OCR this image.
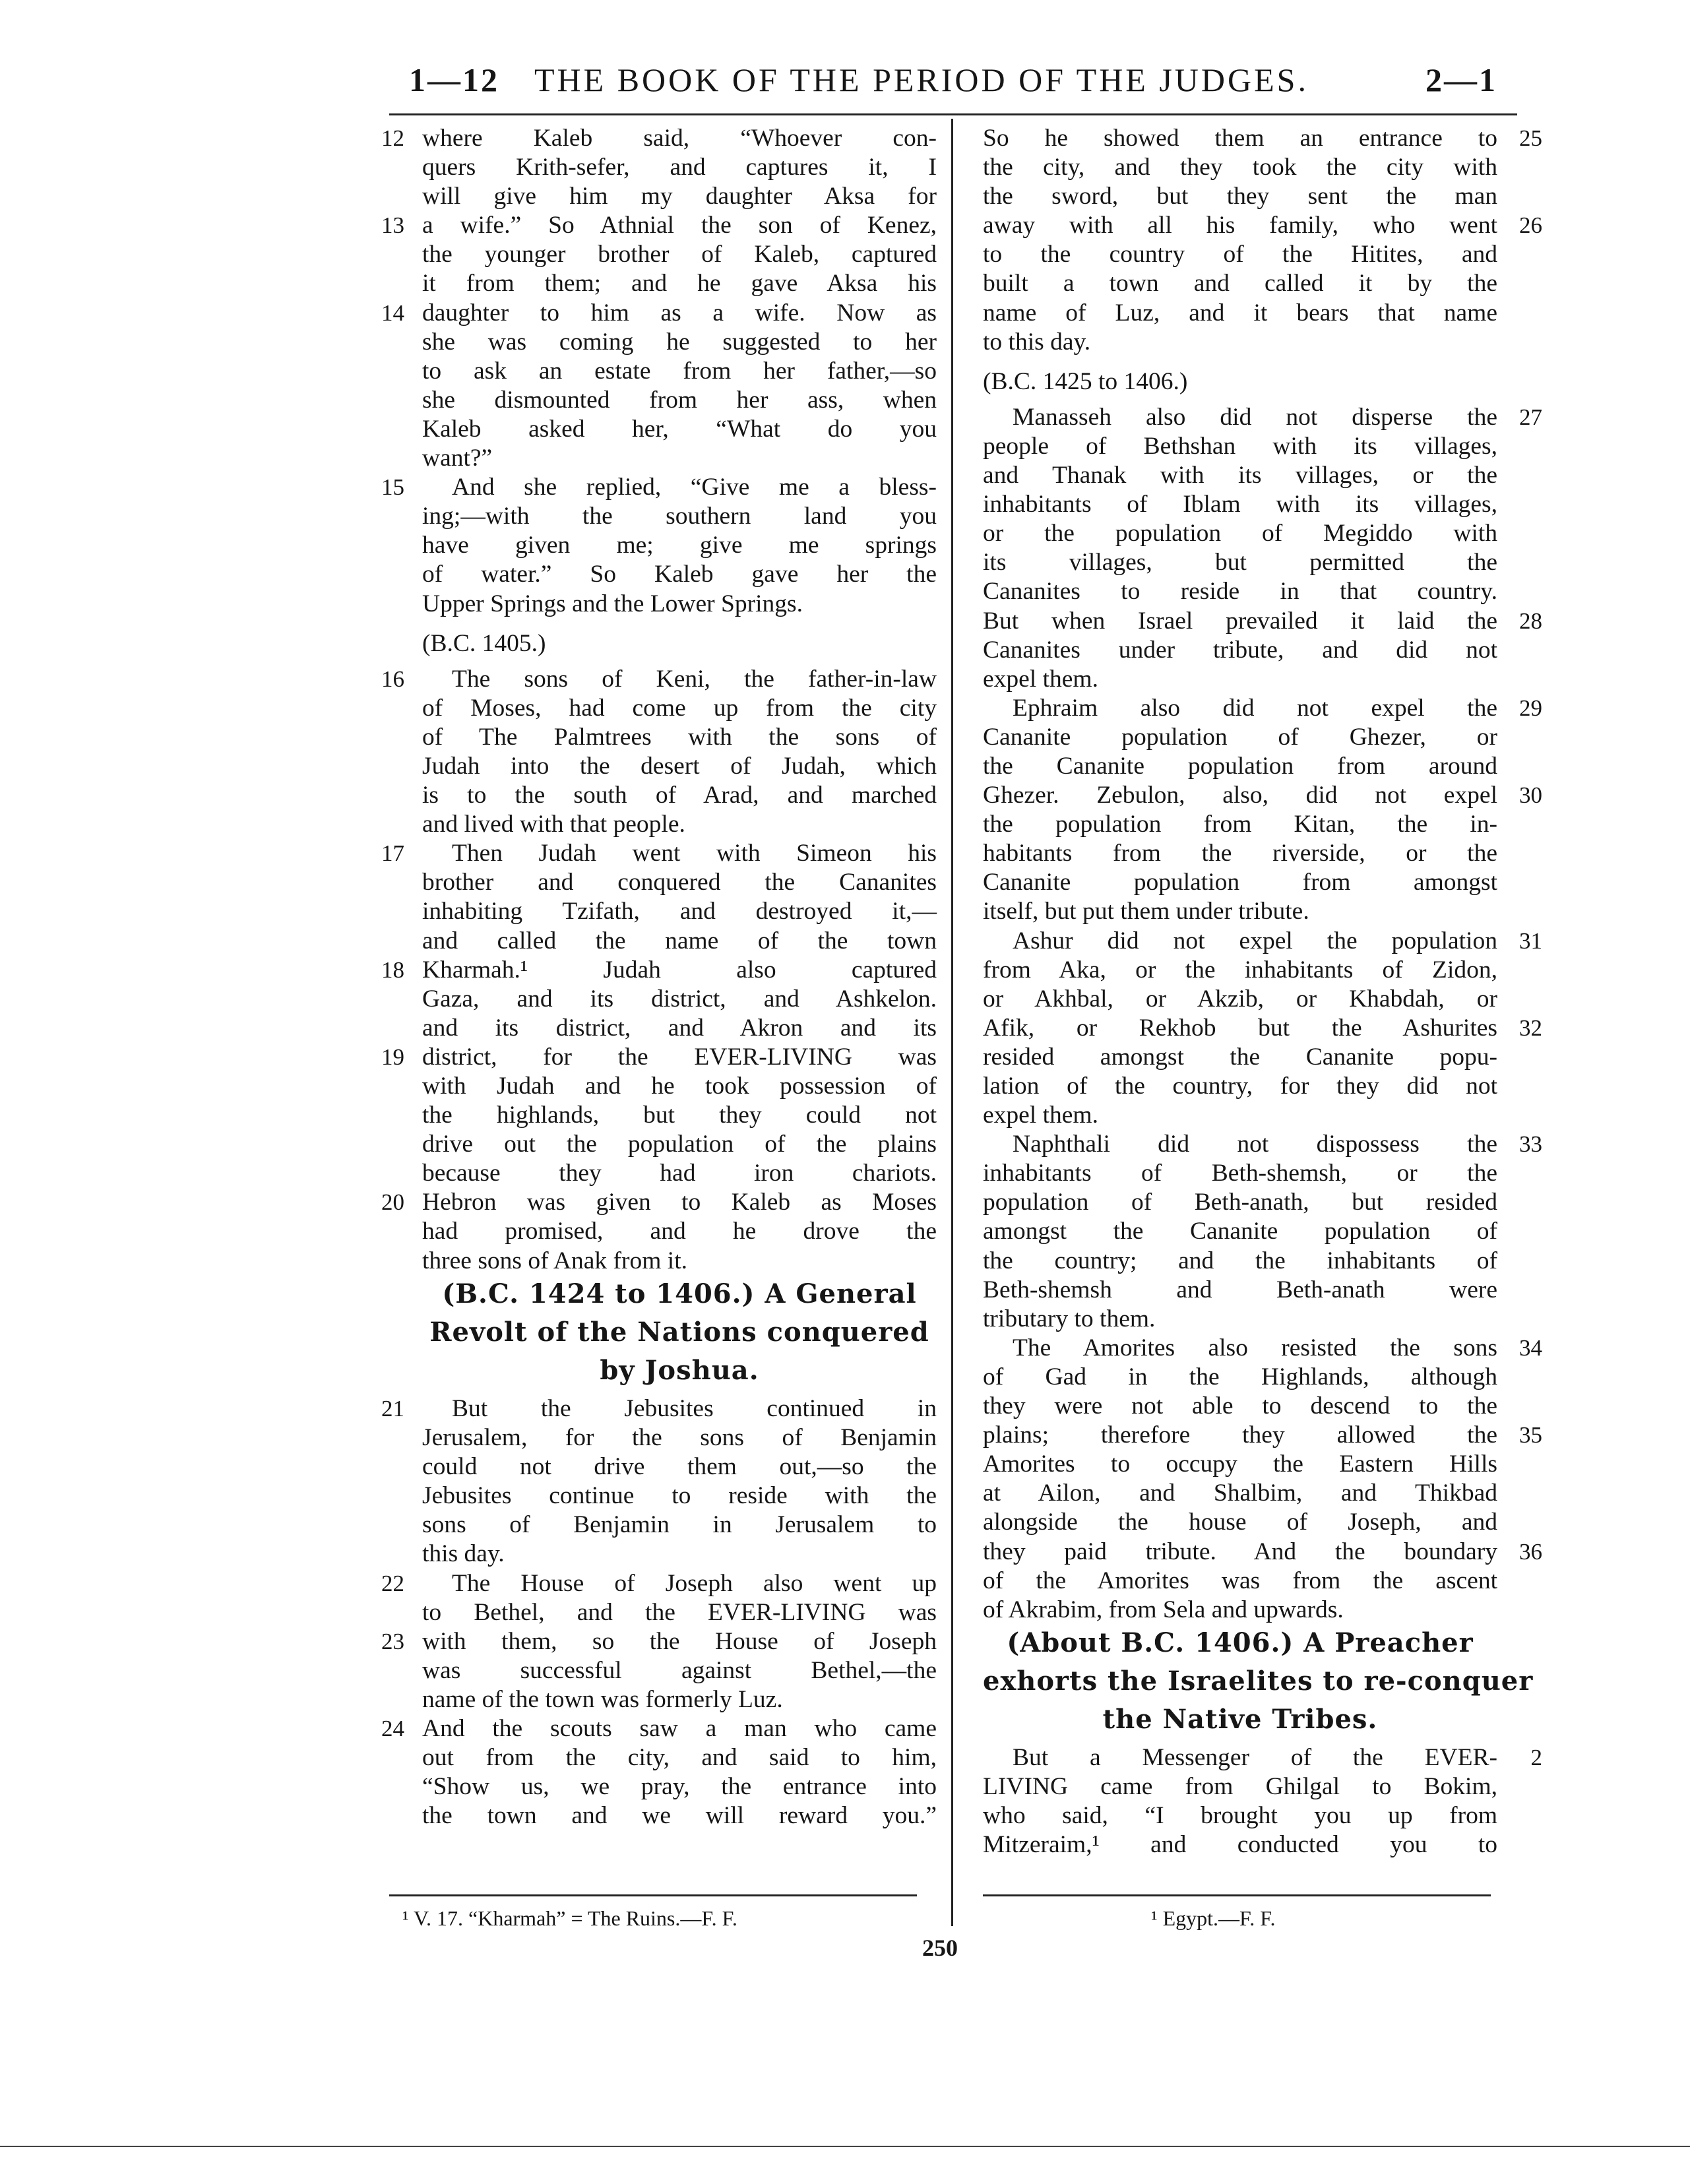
1—12 THE BOOK OF THE PERIOD OF THE JUDGES.	2—1
where Kaleb said, “Whoever con-
12
quers Krith-sefer, and captures it, I
will give him my daughter Aksa for
a wife.” So Athnial the son of Kenez,
13
the younger brother of Kaleb, captured
it from them; and he gave Aksa his
daughter to him as a wife. Now as
14
she was coming he suggested to her
to ask an estate from her father,—so
she dismounted from her ass, when
Kaleb asked her, “What do you
want?”
And she replied, “Give me a bless-
15
ing;—with the southern land you
have given me; give me springs
of water.” So Kaleb gave her the
Upper Springs and the Lower Springs.
(B.C. 1405.)
The sons of Keni, the father-in-law
16
of Moses, had come up from the city
of The Palmtrees with the sons of
Judah into the desert of Judah, which
is to the south of Arad, and marched
and lived with that people.
Then Judah went with Simeon his
17
brother and conquered the Cananites
inhabiting Tzifath, and destroyed it,—
and called the name of the town
Kharmah.¹ Judah also captured
18
Gaza, and its district, and Ashkelon.
and its district, and Akron and its
district, for the EVER-LIVING was
19
with Judah and he took possession of
the highlands, but they could not
drive out the population of the plains
because they had iron chariots.
Hebron was given to Kaleb as Moses
20
had promised, and he drove the
three sons of Anak from it.
(B.C. 1424 to 1406.) A General
Revolt of the Nations conquered
by Joshua.
But the Jebusites continued in
21
Jerusalem, for the sons of Benjamin
could not drive them out,—so the
Jebusites continue to reside with the
sons of Benjamin in Jerusalem to
this day.
The House of Joseph also went up
22
to Bethel, and the EVER-LIVING was
with them, so the House of Joseph
23
was successful against Bethel,—the
name of the town was formerly Luz.
And the scouts saw a man who came
24
out from the city, and said to him,
“Show us, we pray, the entrance into
the town and we will reward you.”
So he showed them an entrance to 25
the city, and they took the city with
the sword, but they sent the man
away with all his family, who went 26
to the country of the Hitites, and
built a town and called it by the
name of Luz, and it bears that name
to this day.
(B.C. 1425 to 1406.)
Manasseh also did not disperse the 27
people of Bethshan with its villages,
and Thanak with its villages, or the
inhabitants of Iblam with its villages,
or the population of Megiddo with
its villages, but permitted the
Cananites to reside in that country.
But when Israel prevailed it laid the 28
Cananites under tribute, and did not
expel them.
Ephraim also did not expel the 29
Cananite population of Ghezer, or
the Cananite population from around
Ghezer. Zebulon, also, did not expel 30
the population from Kitan, the in-
habitants from the riverside, or the
Cananite population from amongst
itself, but put them under tribute.
Ashur did not expel the population 31
from Aka, or the inhabitants of Zidon,
or Akhbal, or Akzib, or Khabdah, or
Afik, or Rekhob but the Ashurites 32
resided amongst the Cananite popu-
lation of the country, for they did not
expel them.
Naphthali did not dispossess the 33
inhabitants of Beth-shemsh, or the
population of Beth-anath, but resided
amongst the Cananite population of
the country; and the inhabitants of
Beth-shemsh and Beth-anath were
tributary to them.
The Amorites also resisted the sons 34
of Gad in the Highlands, although
they were not able to descend to the
plains; therefore they allowed the 35
Amorites to occupy the Eastern Hills
at Ailon, and Shalbim, and Thikbad
alongside the house of Joseph, and
they paid tribute. And the boundary 36
of the Amorites was from the ascent
of Akrabim, from Sela and upwards.
(About B.C. 1406.) A Preacher
exhorts the Israelites to re-conquer
the Native Tribes.
But a Messenger of the EVER- 2
LIVING came from Ghilgal to Bokim,
who said, “I brought you up from
Mitzeraim,¹ and conducted you to
¹ V. 17. “Kharmah” = The Ruins.—F. F.	¹ Egypt.—F. F.
250
